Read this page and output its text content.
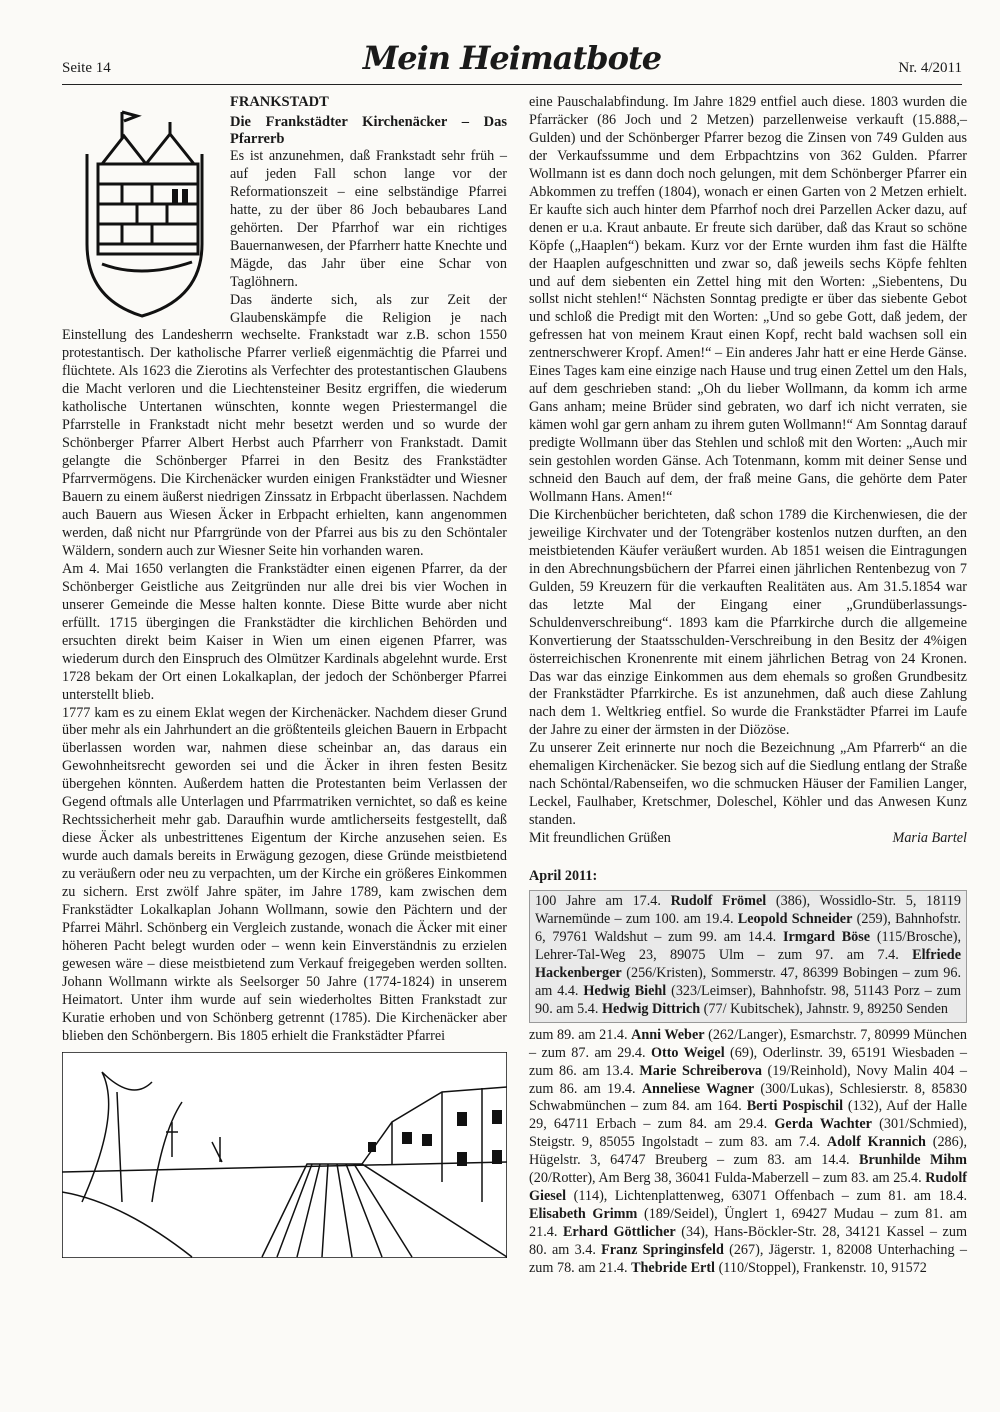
Seite 14	Mein Heimatbote	Nr. 4/2011
FRANKSTADT
Die Frankstädter Kirchenäcker – Das Pfarrerb

Es ist anzunehmen, daß Frankstadt sehr früh – auf jeden Fall schon lange vor der Reformationszeit – eine selbständige Pfarrei hatte, zu der über 86 Joch bebaubares Land gehörten. Der Pfarrhof war ein richtiges Bauernanwesen, der Pfarrherr hatte Knechte und Mägde, das Jahr über eine Schar von Taglöhnern.

Das änderte sich, als zur Zeit der Glaubenskämpfe die Religion je nach Einstellung des Landesherrn wechselte. Frankstadt war z.B. schon 1550 protestantisch. Der katholische Pfarrer verließ eigenmächtig die Pfarrei und flüchtete. Als 1623 die Zierotins als Verfechter des protestantischen Glaubens die Macht verloren und die Liechtensteiner Besitz ergriffen, die wiederum katholische Untertanen wünschten, konnte wegen Priestermangel die Pfarrstelle in Frankstadt nicht mehr besetzt werden und so wurde der Schönberger Pfarrer Albert Herbst auch Pfarrherr von Frankstadt. Damit gelangte die Schönberger Pfarrei in den Besitz des Frankstädter Pfarrvermögens. Die Kirchenäcker wurden einigen Frankstädter und Wiesner Bauern zu einem äußerst niedrigen Zinssatz in Erbpacht überlassen. Nachdem auch Bauern aus Wiesen Äcker in Erbpacht erhielten, kann angenommen werden, daß nicht nur Pfarrgründe von der Pfarrei aus bis zu den Schöntaler Wäldern, sondern auch zur Wiesner Seite hin vorhanden waren.

Am 4. Mai 1650 verlangten die Frankstädter einen eigenen Pfarrer, da der Schönberger Geistliche aus Zeitgründen nur alle drei bis vier Wochen in unserer Gemeinde die Messe halten konnte. Diese Bitte wurde aber nicht erfüllt. 1715 übergingen die Frankstädter die kirchlichen Behörden und ersuchten direkt beim Kaiser in Wien um einen eigenen Pfarrer, was wiederum durch den Einspruch des Olmützer Kardinals abgelehnt wurde. Erst 1728 bekam der Ort einen Lokalkaplan, der jedoch der Schönberger Pfarrei unterstellt blieb.

1777 kam es zu einem Eklat wegen der Kirchenäcker. Nachdem dieser Grund über mehr als ein Jahrhundert an die größtenteils gleichen Bauern in Erbpacht überlassen worden war, nahmen diese scheinbar an, das daraus ein Gewohnheitsrecht geworden sei und die Äcker in ihren festen Besitz übergehen könnten. Außerdem hatten die Protestanten beim Verlassen der Gegend oftmals alle Unterlagen und Pfarrmatriken vernichtet, so daß es keine Rechtssicherheit mehr gab. Daraufhin wurde amtlicherseits festgestellt, daß diese Äcker als unbestrittenes Eigentum der Kirche anzusehen seien. Es wurde auch damals bereits in Erwägung gezogen, diese Gründe meistbietend zu veräußern oder neu zu verpachten, um der Kirche ein größeres Einkommen zu sichern. Erst zwölf Jahre später, im Jahre 1789, kam zwischen dem Frankstädter Lokalkaplan Johann Wollmann, sowie den Pächtern und der Pfarrei Mährl. Schönberg ein Vergleich zustande, wonach die Äcker mit einer höheren Pacht belegt wurden oder – wenn kein Einverständnis zu erzielen gewesen wäre – diese meistbietend zum Verkauf freigegeben werden sollten. Johann Wollmann wirkte als Seelsorger 50 Jahre (1774-1824) in unserem Heimatort. Unter ihm wurde auf sein wiederholtes Bitten Frankstadt zur Kuratie erhoben und von Schönberg getrennt (1785). Die Kirchenäcker aber blieben den Schönbergern. Bis 1805 erhielt die Frankstädter Pfarrei

eine Pauschalabfindung. Im Jahre 1829 entfiel auch diese. 1803 wurden die Pfarräcker (86 Joch und 2 Metzen) parzellenweise verkauft (15.888,– Gulden) und der Schönberger Pfarrer bezog die Zinsen von 749 Gulden aus der Verkaufssumme und dem Erbpachtzins von 362 Gulden. Pfarrer Wollmann ist es dann doch noch gelungen, mit dem Schönberger Pfarrer ein Abkommen zu treffen (1804), wonach er einen Garten von 2 Metzen erhielt. Er kaufte sich auch hinter dem Pfarrhof noch drei Parzellen Acker dazu, auf denen er u.a. Kraut anbaute. Er freute sich darüber, daß das Kraut so schöne Köpfe („Haaplen“) bekam. Kurz vor der Ernte wurden ihm fast die Hälfte der Haaplen aufgeschnitten und zwar so, daß jeweils sechs Köpfe fehlten und auf dem siebenten ein Zettel hing mit den Worten: „Siebentens, Du sollst nicht stehlen!“ Nächsten Sonntag predigte er über das siebente Gebot und schloß die Predigt mit den Worten: „Und so gebe Gott, daß jedem, der gefressen hat von meinem Kraut einen Kopf, recht bald wachsen soll ein zentnerschwerer Kropf. Amen!“ – Ein anderes Jahr hatt er eine Herde Gänse. Eines Tages kam eine einzige nach Hause und trug einen Zettel um den Hals, auf dem geschrieben stand: „Oh du lieber Wollmann, da komm ich arme Gans anham; meine Brüder sind gebraten, wo darf ich nicht verraten, sie kämen wohl gar gern anham zu ihrem guten Wollmann!“ Am Sonntag darauf predigte Wollmann über das Stehlen und schloß mit den Worten: „Auch mir sein gestohlen worden Gänse. Ach Totenmann, komm mit deiner Sense und schneid den Bauch auf dem, der fraß meine Gans, die gehörte dem Pater Wollmann Hans. Amen!“

Die Kirchenbücher berichteten, daß schon 1789 die Kirchenwiesen, die der jeweilige Kirchvater und der Totengräber kostenlos nutzen durften, an den meistbietenden Käufer veräußert wurden. Ab 1851 weisen die Eintragungen in den Abrechnungsbüchern der Pfarrei einen jährlichen Rentenbezug von 7 Gulden, 59 Kreuzern für die verkauften Realitäten aus. Am 31.5.1854 war das letzte Mal der Eingang einer „Grundüberlassungs-Schuldenverschreibung“. 1893 kam die Pfarrkirche durch die allgemeine Konvertierung der Staatsschulden-Verschreibung in den Besitz der 4%igen österreichischen Kronenrente mit einem jährlichen Betrag von 24 Kronen. Das war das einzige Einkommen aus dem ehemals so großen Grundbesitz der Frankstädter Pfarrkirche. Es ist anzunehmen, daß auch diese Zahlung nach dem 1. Weltkrieg entfiel. So wurde die Frankstädter Pfarrei im Laufe der Jahre zu einer der ärmsten in der Diözöse.

Zu unserer Zeit erinnerte nur noch die Bezeichnung „Am Pfarrerb“ an die ehemaligen Kirchenäcker. Sie bezog sich auf die Siedlung entlang der Straße nach Schöntal/Rabenseifen, wo die schmucken Häuser der Familien Langer, Leckel, Faulhaber, Kretschmer, Doleschel, Köhler und das Anwesen Kunz standen.

Mit freundlichen Grüßen	Maria Bartel
April 2011:
100 Jahre am 17.4. Rudolf Frömel (386), Wossidlo-Str. 5, 18119 Warnemünde – zum 100. am 19.4. Leopold Schneider (259), Bahnhofstr. 6, 79761 Waldshut – zum 99. am 14.4. Irmgard Böse (115/Brosche), Lehrer-Tal-Weg 23, 89075 Ulm – zum 97. am 7.4. Elfriede Hackenberger (256/Kristen), Sommerstr. 47, 86399 Bobingen – zum 96. am 4.4. Hedwig Biehl (323/Leimser), Bahnhofstr. 98, 51143 Porz – zum 90. am 5.4. Hedwig Dittrich (77/ Kubitschek), Jahnstr. 9, 89250 Senden
zum 89. am 21.4. Anni Weber (262/Langer), Esmarchstr. 7, 80999 München – zum 87. am 29.4. Otto Weigel (69), Oderlinstr. 39, 65191 Wiesbaden – zum 86. am 13.4. Marie Schreiberova (19/Reinhold), Novy Malin 404 – zum 86. am 19.4. Anneliese Wagner (300/Lukas), Schlesierstr. 8, 85830 Schwabmünchen – zum 84. am 164. Berti Pospischil (132), Auf der Halle 29, 64711 Erbach – zum 84. am 29.4. Gerda Wachter (301/Schmied), Steigstr. 9, 85055 Ingolstadt – zum 83. am 7.4. Adolf Krannich (286), Hügelstr. 3, 64747 Breuberg – zum 83. am 14.4. Brunhilde Mihm (20/Rotter), Am Berg 38, 36041 Fulda-Maberzell – zum 83. am 25.4. Rudolf Giesel (114), Lichtenplattenweg, 63071 Offenbach – zum 81. am 18.4. Elisabeth Grimm (189/Seidel), Ünglert 1, 69427 Mudau – zum 81. am 21.4. Erhard Göttlicher (34), Hans-Böckler-Str. 28, 34121 Kassel – zum 80. am 3.4. Franz Springinsfeld (267), Jägerstr. 1, 82008 Unterhaching – zum 78. am 21.4. Thebride Ertl (110/Stoppel), Frankenstr. 10, 91572
